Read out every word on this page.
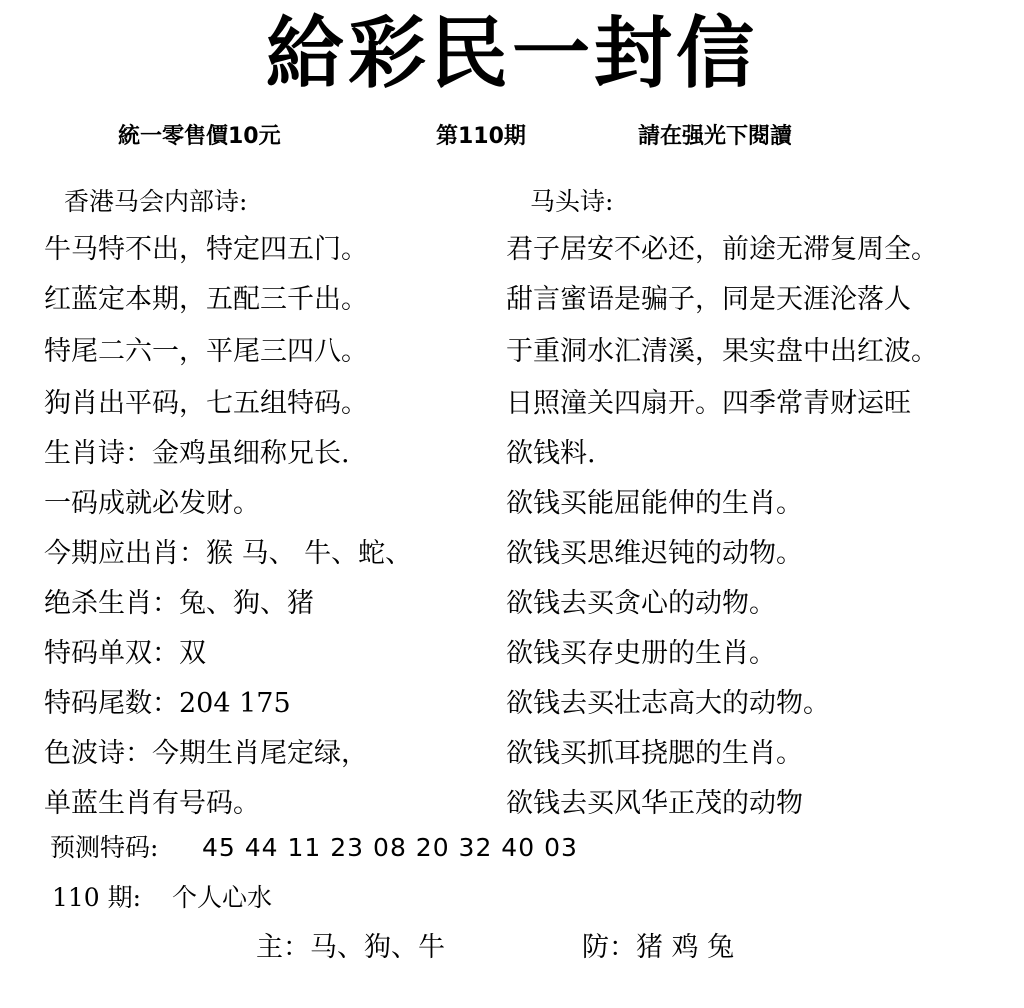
給彩民一封信
統一零售價10元	第110期	請在强光下閱讀
香港马会内部诗:	马头诗:
牛马特不出，特定四五门。
红蓝定本期，五配三千出。
特尾二六一，平尾三四八。
狗肖出平码，七五组特码。
生肖诗：金鸡虽细称兄长.
一码成就必发财。
今期应出肖：猴 马、 牛、蛇、
绝杀生肖：兔、狗、猪
特码单双：双
特码尾数：204 175
色波诗：今期生肖尾定绿，
单蓝生肖有号码。
君子居安不必还，前途无滞复周全。
甜言蜜语是骗子，同是天涯沦落人
于重洞水汇清溪，果实盘中出红波。
日照潼关四扇开。四季常青财运旺
欲钱料.
欲钱买能屈能伸的生肖。
欲钱买思维迟钝的动物。
欲钱去买贪心的动物。
欲钱买存史册的生肖。
欲钱去买壮志高大的动物。
欲钱买抓耳挠腮的生肖。
欲钱去买风华正茂的动物
预测特码: 45 44 11 23 08 20 32 40 03
110 期: 个人心水
主：马、狗、牛	防：猪 鸡 兔
